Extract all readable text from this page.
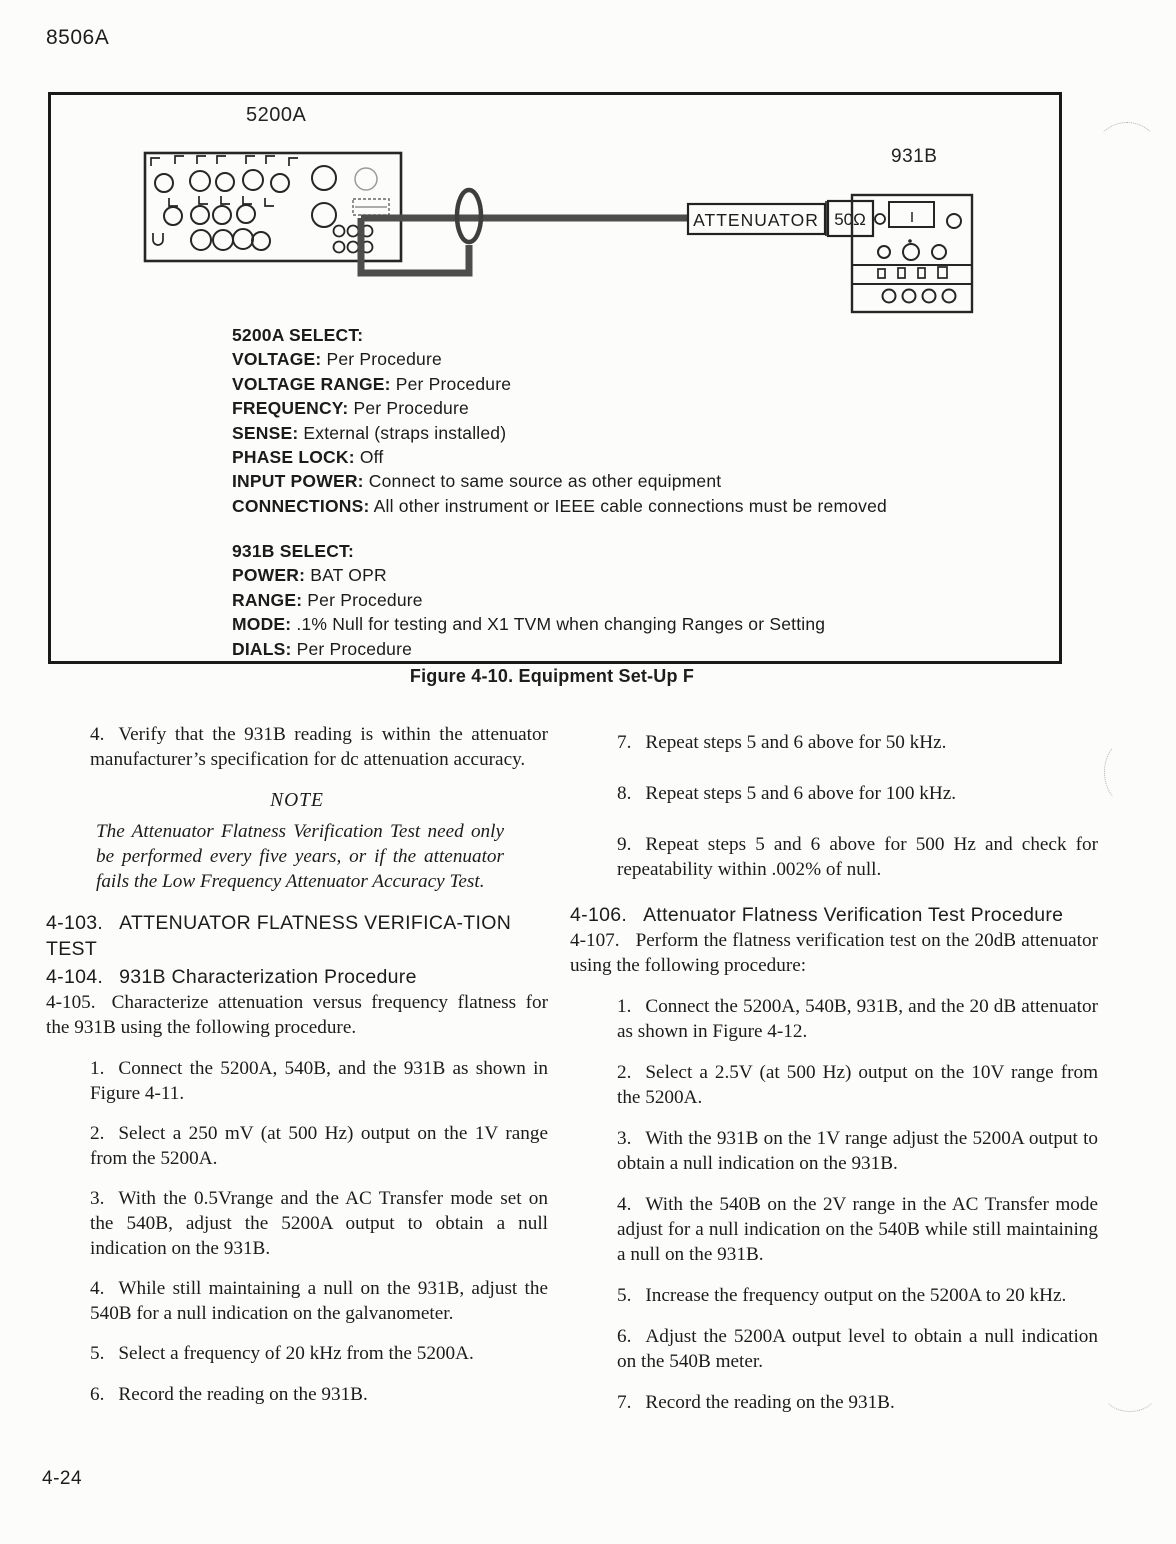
8506A
5200A
931B
ATTENUATOR 50Ω
5200A SELECT:
VOLTAGE: Per Procedure
VOLTAGE RANGE: Per Procedure
FREQUENCY: Per Procedure
SENSE: External (straps installed)
PHASE LOCK: Off
INPUT POWER: Connect to same source as other equipment
CONNECTIONS: All other instrument or IEEE cable connections must be removed
931B SELECT:
POWER: BAT OPR
RANGE: Per Procedure
MODE: .1% Null for testing and X1 TVM when changing Ranges or Setting
DIALS: Per Procedure
Figure 4-10. Equipment Set-Up F

4. Verify that the 931B reading is within the attenuator manufacturer’s specification for dc attenuation accuracy.

NOTE

The Attenuator Flatness Verification Test need only be performed every five years, or if the attenuator fails the Low Frequency Attenuator Accuracy Test.

4-103. ATTENUATOR FLATNESS VERIFICA-TION TEST

4-104. 931B Characterization Procedure

4-105. Characterize attenuation versus frequency flatness for the 931B using the following procedure.

1. Connect the 5200A, 540B, and the 931B as shown in Figure 4-11.

2. Select a 250 mV (at 500 Hz) output on the 1V range from the 5200A.

3. With the 0.5Vrange and the AC Transfer mode set on the 540B, adjust the 5200A output to obtain a null indication on the 931B.

4. While still maintaining a null on the 931B, adjust the 540B for a null indication on the galvanometer.

5. Select a frequency of 20 kHz from the 5200A.

6. Record the reading on the 931B.

7. Repeat steps 5 and 6 above for 50 kHz.

8. Repeat steps 5 and 6 above for 100 kHz.

9. Repeat steps 5 and 6 above for 500 Hz and check for repeatability within .002% of null.

4-106. Attenuator Flatness Verification Test Procedure

4-107. Perform the flatness verification test on the 20dB attenuator using the following procedure:

1. Connect the 5200A, 540B, 931B, and the 20 dB attenuator as shown in Figure 4-12.

2. Select a 2.5V (at 500 Hz) output on the 10V range from the 5200A.

3. With the 931B on the 1V range adjust the 5200A output to obtain a null indication on the 931B.

4. With the 540B on the 2V range in the AC Transfer mode adjust for a null indication on the 540B while still maintaining a null on the 931B.

5. Increase the frequency output on the 5200A to 20 kHz.

6. Adjust the 5200A output level to obtain a null indication on the 540B meter.

7. Record the reading on the 931B.

4-24
